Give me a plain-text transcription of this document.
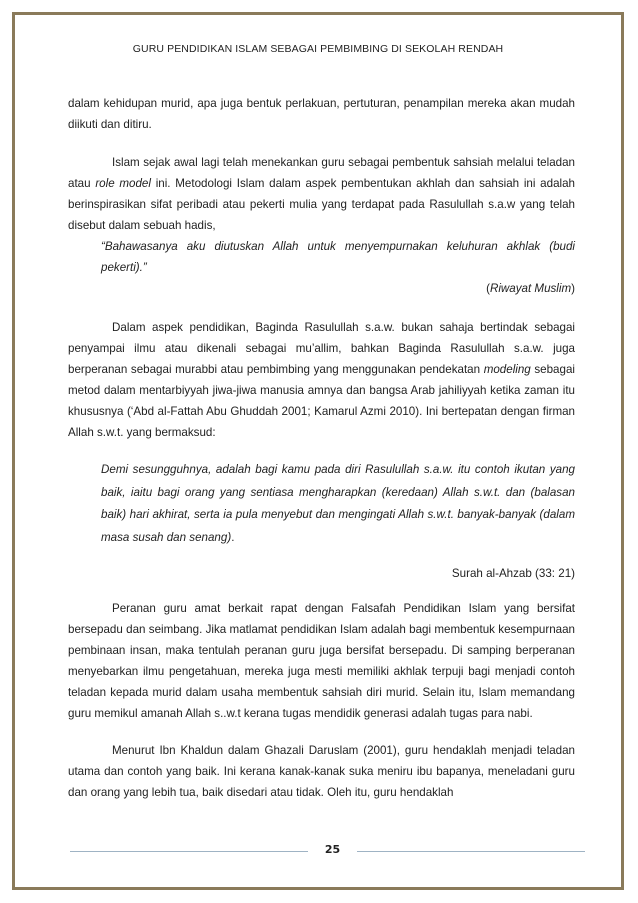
GURU PENDIDIKAN ISLAM SEBAGAI PEMBIMBING DI SEKOLAH RENDAH

dalam kehidupan murid, apa juga bentuk perlakuan, pertuturan, penampilan mereka akan mudah diikuti dan ditiru.

Islam sejak awal lagi telah menekankan guru sebagai pembentuk sahsiah melalui teladan atau role model ini. Metodologi Islam dalam aspek pembentukan akhlah dan sahsiah ini adalah berinspirasikan sifat peribadi atau pekerti mulia yang terdapat pada Rasulullah s.a.w yang telah disebut dalam sebuah hadis,

“Bahawasanya aku diutuskan Allah untuk menyempurnakan keluhuran akhlak (budi pekerti).”

(Riwayat Muslim)

Dalam aspek pendidikan, Baginda Rasulullah s.a.w. bukan sahaja bertindak sebagai penyampai ilmu atau dikenali sebagai mu’allim, bahkan Baginda Rasulullah s.a.w. juga berperanan sebagai murabbi atau pembimbing yang menggunakan pendekatan modeling sebagai metod dalam mentarbiyyah jiwa-jiwa manusia amnya dan bangsa Arab jahiliyyah ketika zaman itu khususnya (‘Abd al-Fattah Abu Ghuddah 2001; Kamarul Azmi 2010). Ini bertepatan dengan firman Allah s.w.t. yang bermaksud:

Demi sesungguhnya, adalah bagi kamu pada diri Rasulullah s.a.w. itu contoh ikutan yang baik, iaitu bagi orang yang sentiasa mengharapkan (keredaan) Allah s.w.t. dan (balasan baik) hari akhirat, serta ia pula menyebut dan mengingati Allah s.w.t. banyak-banyak (dalam masa susah dan senang).

Surah al-Ahzab (33: 21)

Peranan guru amat berkait rapat dengan Falsafah Pendidikan Islam yang bersifat bersepadu dan seimbang. Jika matlamat pendidikan Islam adalah bagi membentuk kesempurnaan pembinaan insan, maka tentulah peranan guru juga bersifat bersepadu. Di samping berperanan menyebarkan ilmu pengetahuan, mereka juga mesti memiliki akhlak terpuji bagi menjadi contoh teladan kepada murid dalam usaha membentuk sahsiah diri murid. Selain itu, Islam memandang guru memikul amanah Allah s..w.t kerana tugas mendidik generasi adalah tugas para nabi.

Menurut Ibn Khaldun dalam Ghazali Daruslam (2001), guru hendaklah menjadi teladan utama dan contoh yang baik. Ini kerana kanak-kanak suka meniru ibu bapanya, meneladani guru dan orang yang lebih tua, baik disedari atau tidak. Oleh itu, guru hendaklah

25
